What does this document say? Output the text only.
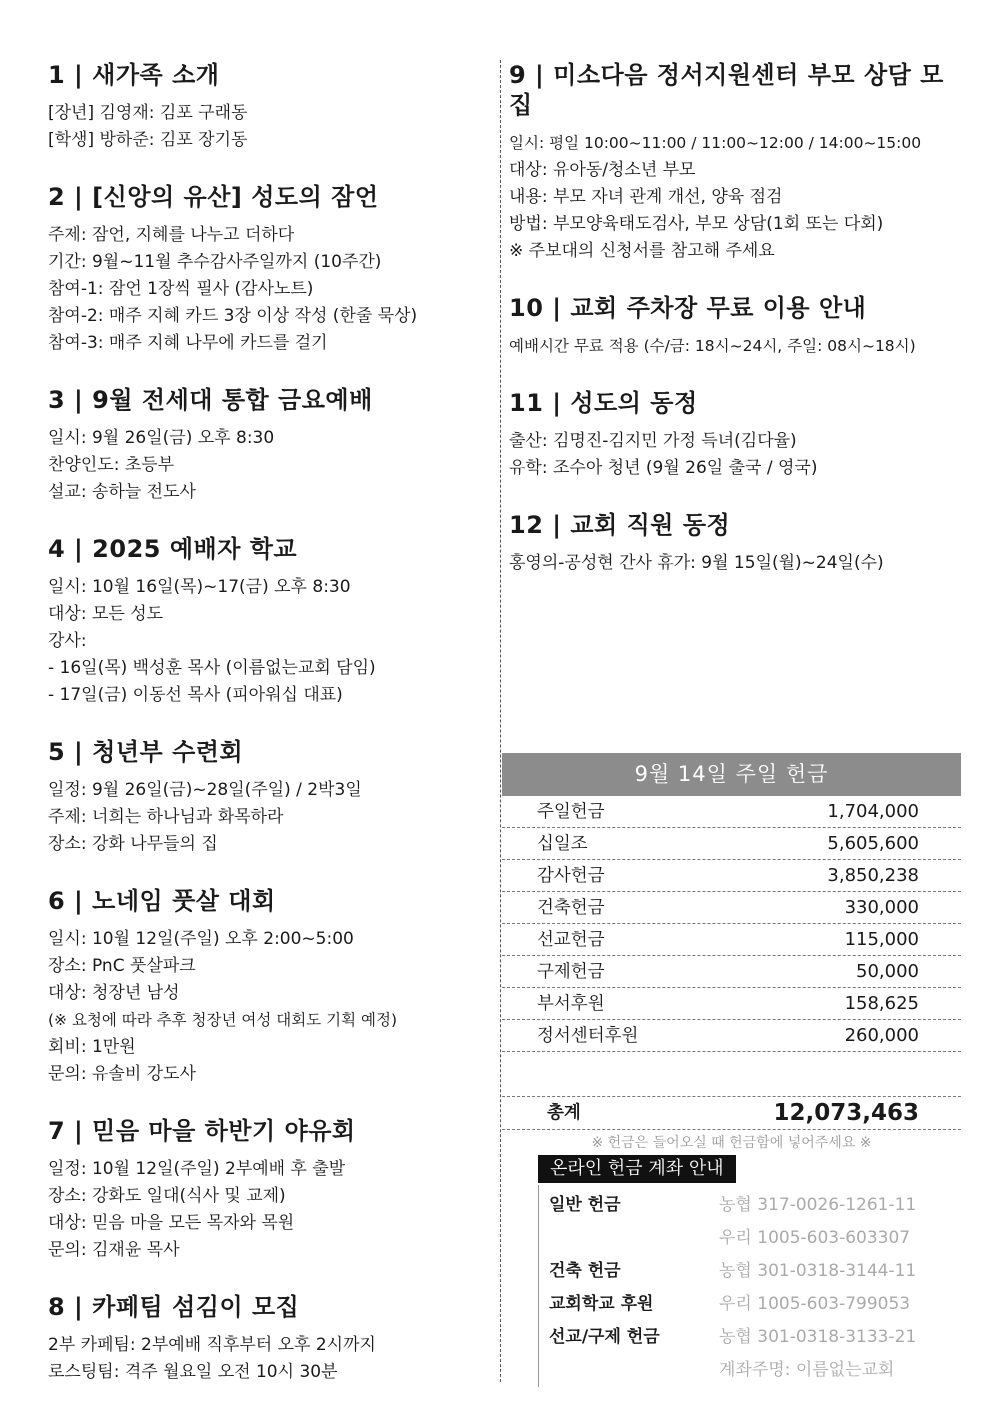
1 | 새가족 소개

[장년] 김영재: 김포 구래동

[학생] 방하준: 김포 장기동

2 | [신앙의 유산] 성도의 잠언

주제: 잠언, 지혜를 나누고 더하다

기간: 9월~11월 추수감사주일까지 (10주간)

참여-1: 잠언 1장씩 필사 (감사노트)

참여-2: 매주 지혜 카드 3장 이상 작성 (한줄 묵상)

참여-3: 매주 지혜 나무에 카드를 걸기

3 | 9월 전세대 통합 금요예배

일시: 9월 26일(금) 오후 8:30

찬양인도: 초등부

설교: 송하늘 전도사

4 | 2025 예배자 학교

일시: 10월 16일(목)~17(금) 오후 8:30

대상: 모든 성도

강사:

- 16일(목) 백성훈 목사 (이름없는교회 담임)

- 17일(금) 이동선 목사 (피아워십 대표)

5 | 청년부 수련회

일정: 9월 26일(금)~28일(주일) / 2박3일

주제: 너희는 하나님과 화목하라

장소: 강화 나무들의 집

6 | 노네임 풋살 대회

일시: 10월 12일(주일) 오후 2:00~5:00

장소: PnC 풋살파크

대상: 청장년 남성

(※ 요청에 따라 추후 청장년 여성 대회도 기획 예정)

회비: 1만원

문의: 유솔비 강도사

7 | 믿음 마을 하반기 야유회

일정: 10월 12일(주일) 2부예배 후 출발

장소: 강화도 일대(식사 및 교제)

대상: 믿음 마을 모든 목자와 목원

문의: 김재윤 목사

8 | 카페팀 섬김이 모집

2부 카페팀: 2부예배 직후부터 오후 2시까지

로스팅팀: 격주 월요일 오전 10시 30분

9 | 미소다음 정서지원센터 부모 상담 모집

일시: 평일 10:00~11:00 / 11:00~12:00 / 14:00~15:00

대상: 유아동/청소년 부모

내용: 부모 자녀 관계 개선, 양육 점검

방법: 부모양육태도검사, 부모 상담(1회 또는 다회)

※ 주보대의 신청서를 참고해 주세요

10 | 교회 주차장 무료 이용 안내

예배시간 무료 적용 (수/금: 18시~24시, 주일: 08시~18시)

11 | 성도의 동정

출산: 김명진-김지민 가정 득녀(김다율)

유학: 조수아 청년 (9월 26일 출국 / 영국)

12 | 교회 직원 동정

홍영의-공성현 간사 휴가: 9월 15일(월)~24일(수)

9월 14일 주일 헌금
주일헌금	1,704,000
십일조	5,605,600
감사헌금	3,850,238
건축헌금	330,000
선교헌금	115,000
구제헌금	50,000
부서후원	158,625
정서센터후원	260,000
총계	12,073,463
※ 헌금은 들어오실 때 헌금함에 넣어주세요 ※
온라인 헌금 계좌 안내
일반 헌금	농협 317-0026-1261-11
우리 1005-603-603307
건축 헌금	농협 301-0318-3144-11
교회학교 후원	우리 1005-603-799053
선교/구제 헌금	농협 301-0318-3133-21
계좌주명: 이름없는교회
